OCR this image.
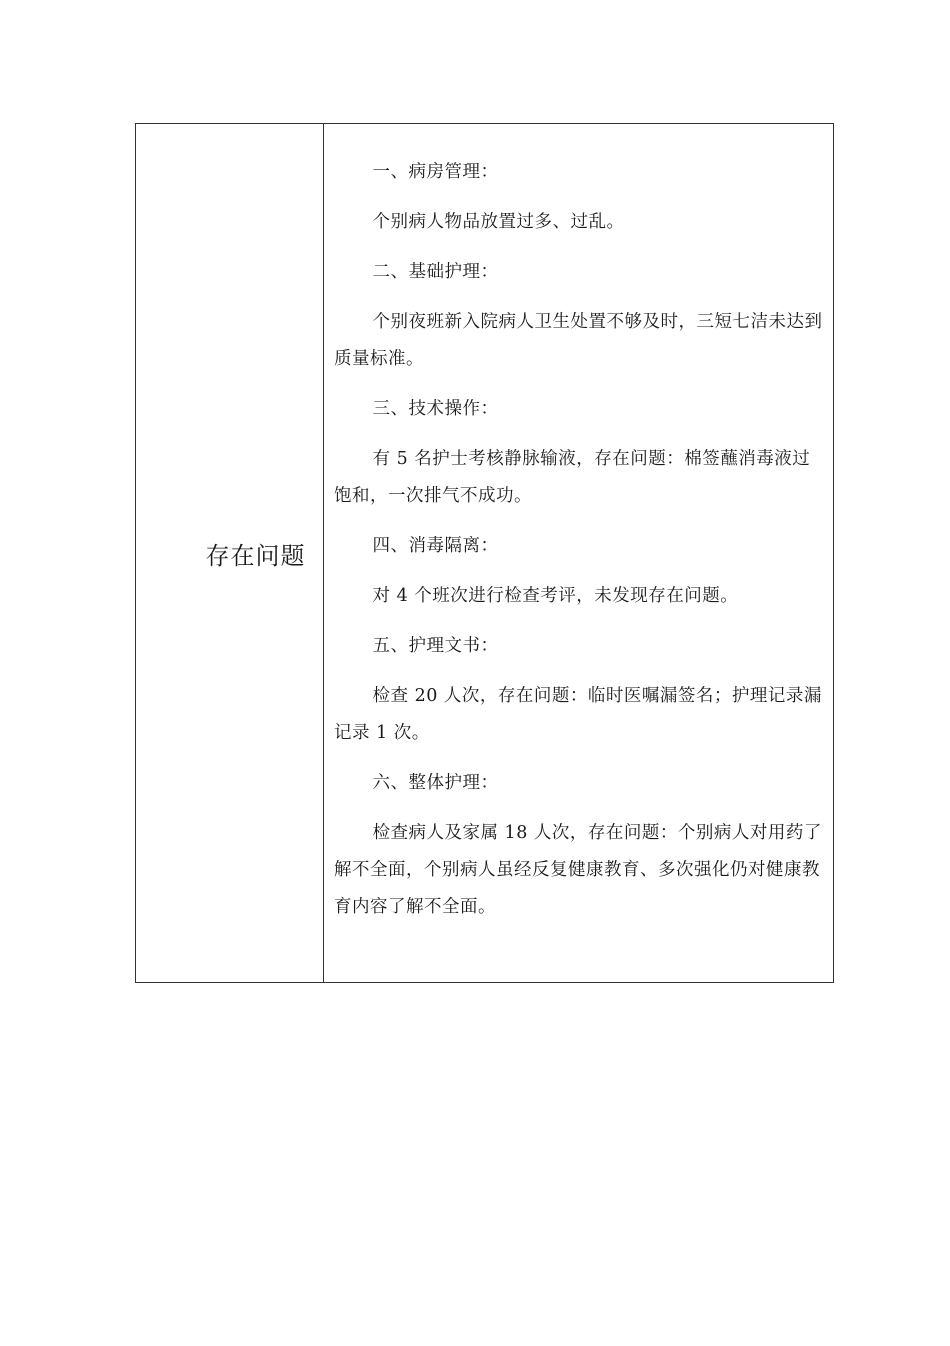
存在问题

一、病房管理：

个别病人物品放置过多、过乱。

二、基础护理：

个别夜班新入院病人卫生处置不够及时，三短七洁未达到质量标准。

三、技术操作：

有 5 名护士考核静脉输液，存在问题：棉签蘸消毒液过饱和，一次排气不成功。

四、消毒隔离：

对 4 个班次进行检查考评，未发现存在问题。

五、护理文书：

检查 20 人次，存在问题：临时医嘱漏签名；护理记录漏记录 1 次。

六、整体护理：

检查病人及家属 18 人次，存在问题：个别病人对用药了解不全面，个别病人虽经反复健康教育、多次强化仍对健康教育内容了解不全面。
